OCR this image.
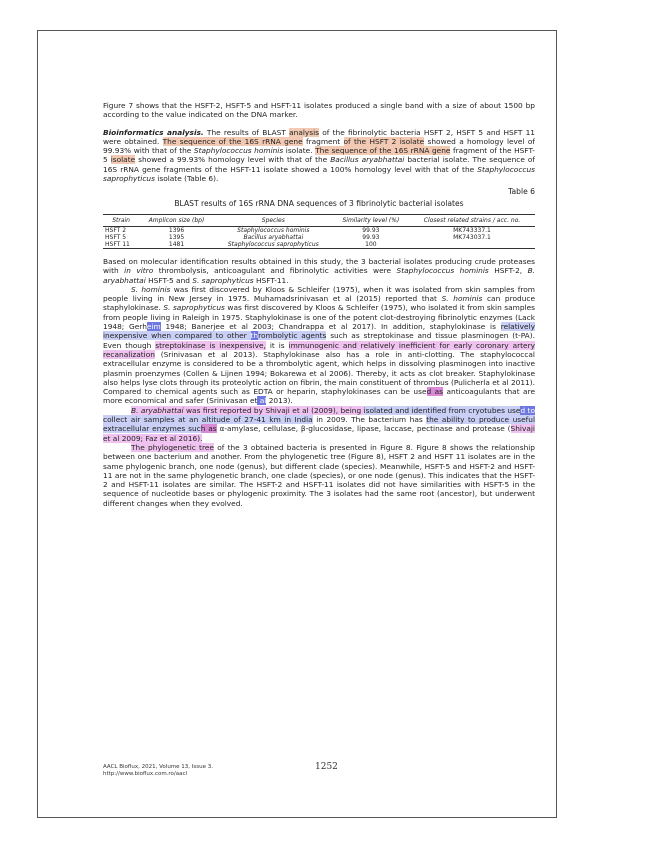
Figure 7 shows that the HSFT-2, HSFT-5 and HSFT-11 isolates produced a single band with a size of about 1500 bp according to the value indicated on the DNA marker.

Bioinformatics analysis. The results of BLAST analysis of the fibrinolytic bacteria HSFT 2, HSFT 5 and HSFT 11 were obtained. The sequence of the 16S rRNA gene fragment of the HSFT 2 isolate showed a homology level of 99.93% with that of the Staphylococcus hominis isolate. The sequence of the 16S rRNA gene fragment of the HSFT-5 isolate showed a 99.93% homology level with that of the Bacillus aryabhattai bacterial isolate. The sequence of 16S rRNA gene fragments of the HSFT-11 isolate showed a 100% homology level with that of the Staphylococcus saprophyticus isolate (Table 6).

Table 6
BLAST results of 16S rRNA DNA sequences of 3 fibrinolytic bacterial isolates
Strain	Amplicon size (bp)	Species	Similarity level (%)	Closest related strains / acc. no.
HSFT 2	1396	Staphylococcus hominis	99.93	MK743337.1
HSFT 5	1395	Bacillus aryabhattai	99.93	MK743037.1
HSFT 11	1481	Staphylococcus saprophyticus	100	

Based on molecular identification results obtained in this study, the 3 bacterial isolates producing crude proteases with in vitro thrombolysis, anticoagulant and fibrinolytic activities were Staphylococcus hominis HSFT-2, B. aryabhattai HSFT-5 and S. saprophyticus HSFT-11.

S. hominis was first discovered by Kloos & Schleifer (1975), when it was isolated from skin samples from people living in New Jersey in 1975. Muhamadsrinivasan et al (2015) reported that S. hominis can produce staphylokinase. S. saprophyticus was first discovered by Kloos & Schleifer (1975), who isolated it from skin samples from people living in Raleigh in 1975. Staphylokinase is one of the potent clot-destroying fibrinolytic enzymes (Lack 1948; Gerheim 1948; Banerjee et al 2003; Chandrappa et al 2017). In addition, staphylokinase is relatively inexpensive when compared to other thrombolytic agents such as streptokinase and tissue plasminogen (t-PA). Even though streptokinase is inexpensive, it is immunogenic and relatively inefficient for early coronary artery recanalization (Srinivasan et al 2013). Staphylokinase also has a role in anti-clotting. The staphylococcal extracellular enzyme is considered to be a thrombolytic agent, which helps in dissolving plasminogen into inactive plasmin proenzymes (Collen & Lijnen 1994; Bokarewa et al 2006). Thereby, it acts as clot breaker. Staphylokinase also helps lyse clots through its proteolytic action on fibrin, the main constituent of thrombus (Pulicherla et al 2011). Compared to chemical agents such as EDTA or heparin, staphylokinases can be used as anticoagulants that are more economical and safer (Srinivasan et al 2013).

B. aryabhattai was first reported by Shivaji et al (2009), being isolated and identified from cryotubes used to collect air samples at an altitude of 27-41 km in India in 2009. The bacterium has the ability to produce useful extracellular enzymes such as α-amylase, cellulase, β-glucosidase, lipase, laccase, pectinase and protease (Shivaji et al 2009; Faz et al 2016).

The phylogenetic tree of the 3 obtained bacteria is presented in Figure 8. Figure 8 shows the relationship between one bacterium and another. From the phylogenetic tree (Figure 8), HSFT 2 and HSFT 11 isolates are in the same phylogenic branch, one node (genus), but different clade (species). Meanwhile, HSFT-5 and HSFT-2 and HSFT-11 are not in the same phylogenetic branch, one clade (species), or one node (genus). This indicates that the HSFT-2 and HSFT-11 isolates are similar. The HSFT-2 and HSFT-11 isolates did not have similarities with HSFT-5 in the sequence of nucleotide bases or phylogenic proximity. The 3 isolates had the same root (ancestor), but underwent different changes when they evolved.

AACL Bioflux, 2021, Volume 13, Issue 3.
http://www.bioflux.com.ro/aacl
1252
